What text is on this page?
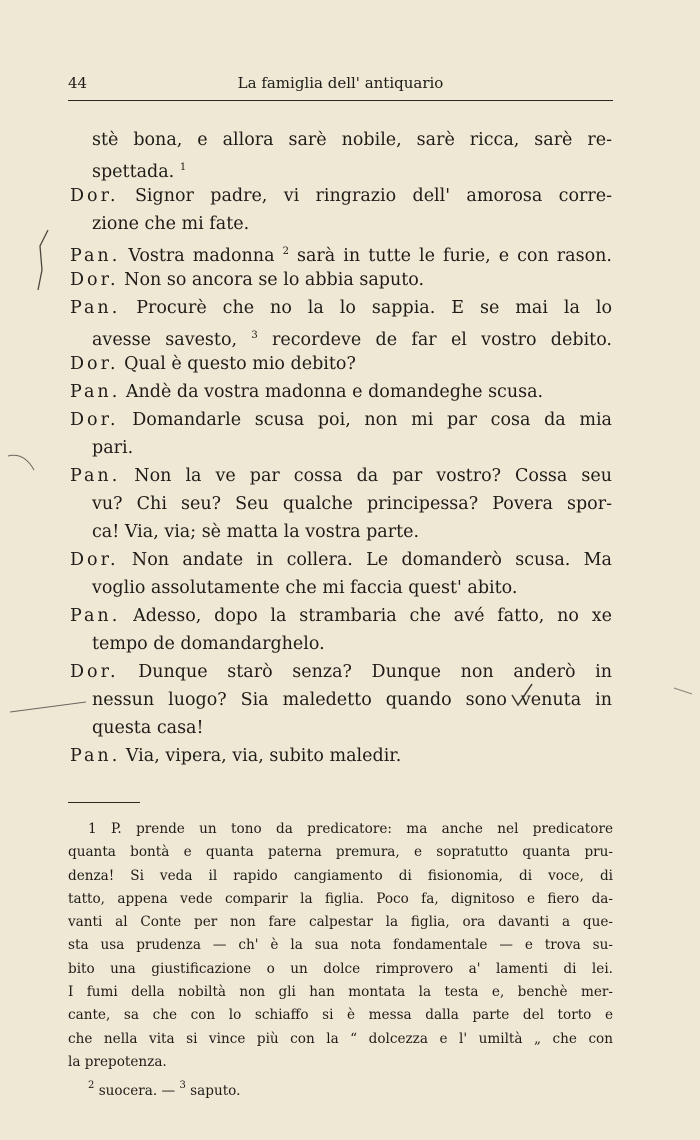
44	La famiglia dell' antiquario
stè bona, e allora sarè nobile, sarè ricca, sarè re-
spettada. $^1$
Dor. Signor padre, vi ringrazio dell' amorosa corre-
zione che mi fate.
Pan. Vostra madonna $^2$ sarà in tutte le furie, e con rason.
Dor. Non so ancora se lo abbia saputo.
Pan. Procurè che no la lo sappia. E se mai la lo
avesse savesto, $^3$ recordeve de far el vostro debito.
Dor. Qual è questo mio debito?
Pan. Andè da vostra madonna e domandeghe scusa.
Dor. Domandarle scusa poi, non mi par cosa da mia
pari.
Pan. Non la ve par cossa da par vostro? Cossa seu
vu? Chi seu? Seu qualche principessa? Povera spor-
ca! Via, via; sè matta la vostra parte.
Dor. Non andate in collera. Le domanderò scusa. Ma
voglio assolutamente che mi faccia quest' abito.
Pan. Adesso, dopo la strambaria che avé fatto, no xe
tempo de domandarghelo.
Dor. Dunque starò senza? Dunque non anderò in
nessun luogo? Sia maledetto quando sono venuta in
questa casa!
Pan. Via, vipera, via, subito maledir.
1 P. prende un tono da predicatore: ma anche nel predicatore
quanta bontà e quanta paterna premura, e sopratutto quanta pru-
denza! Si veda il rapido cangiamento di fisionomia, di voce, di
tatto, appena vede comparir la figlia. Poco fa, dignitoso e fiero da-
vanti al Conte per non fare calpestar la figlia, ora davanti a que-
sta usa prudenza — ch' è la sua nota fondamentale — e trova su-
bito una giustificazione o un dolce rimprovero a' lamenti di lei.
I fumi della nobiltà non gli han montata la testa e, benchè mer-
cante, sa che con lo schiaffo si è messa dalla parte del torto e
che nella vita si vince più con la “ dolcezza e l' umiltà „ che con
la prepotenza.
$^2$ suocera. — $^3$ saputo.
